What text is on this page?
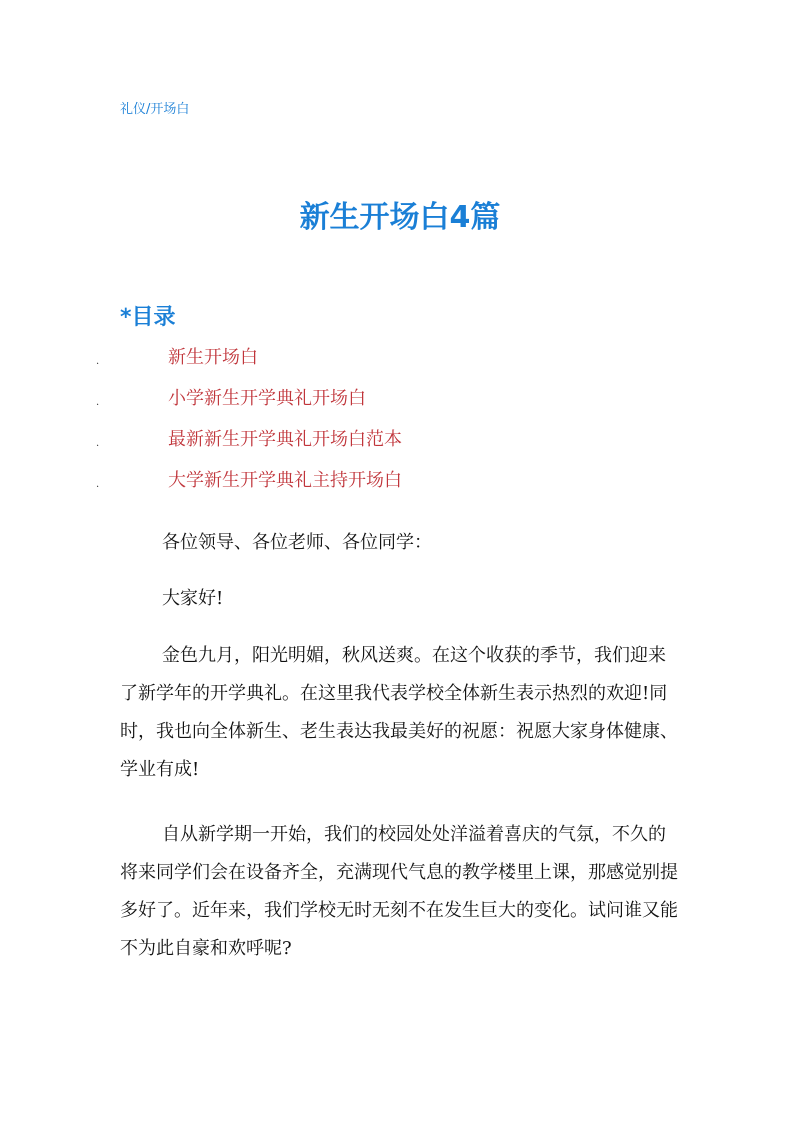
礼仪/开场白
新生开场白4篇
*目录
.	新生开场白
.	小学新生开学典礼开场白
.	最新新生开学典礼开场白范本
.	大学新生开学典礼主持开场白

各位领导、各位老师、各位同学：

大家好!

金色九月，阳光明媚，秋风送爽。在这个收获的季节，我们迎来了新学年的开学典礼。在这里我代表学校全体新生表示热烈的欢迎!同时，我也向全体新生、老生表达我最美好的祝愿：祝愿大家身体健康、学业有成!

自从新学期一开始，我们的校园处处洋溢着喜庆的气氛，不久的将来同学们会在设备齐全，充满现代气息的教学楼里上课，那感觉别提多好了。近年来，我们学校无时无刻不在发生巨大的变化。试问谁又能不为此自豪和欢呼呢?
